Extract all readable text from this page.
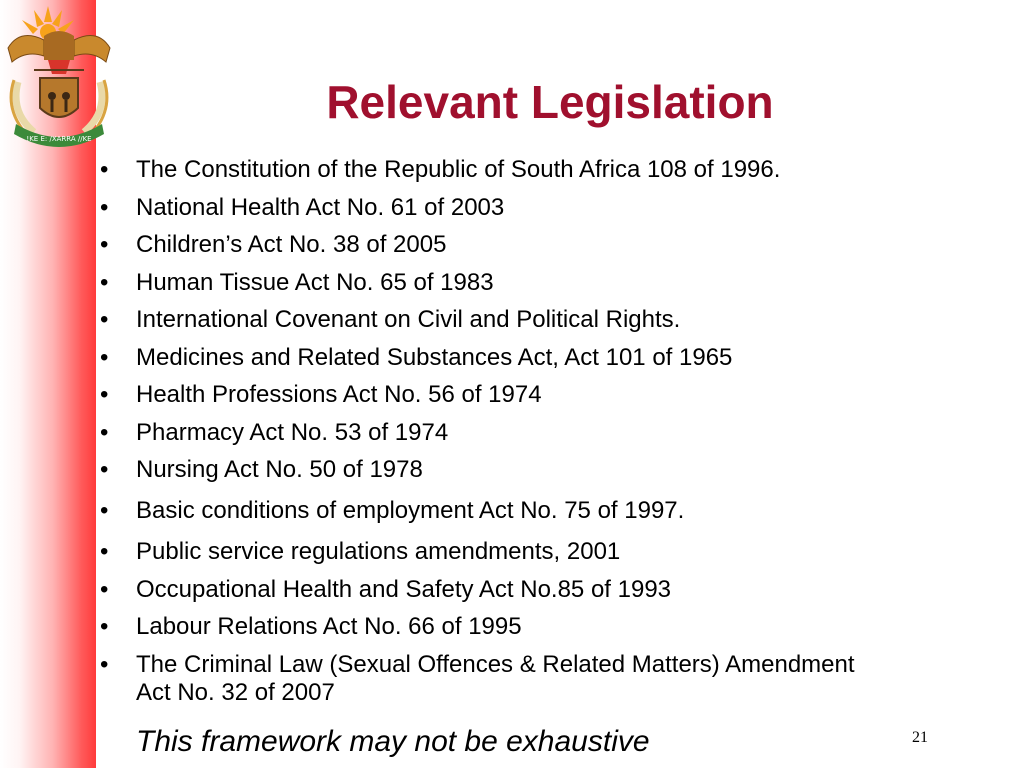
!KE E: /XARRA //KE
Relevant Legislation
• The Constitution of the Republic of South Africa 108 of 1996.
• National Health Act No. 61 of 2003
• Children’s Act No. 38 of 2005
• Human Tissue Act No. 65 of 1983
• International Covenant on Civil and Political Rights.
• Medicines and Related Substances Act, Act 101 of 1965
• Health Professions Act No. 56 of 1974
• Pharmacy Act No. 53 of 1974
• Nursing Act No. 50 of 1978
• Basic conditions of employment Act No. 75 of 1997.
• Public service regulations amendments, 2001
• Occupational Health and Safety Act No.85 of 1993
• Labour Relations Act No. 66 of 1995
• The Criminal Law (Sexual Offences & Related Matters) Amendment Act No. 32 of 2007

This framework may not be exhaustive	21
